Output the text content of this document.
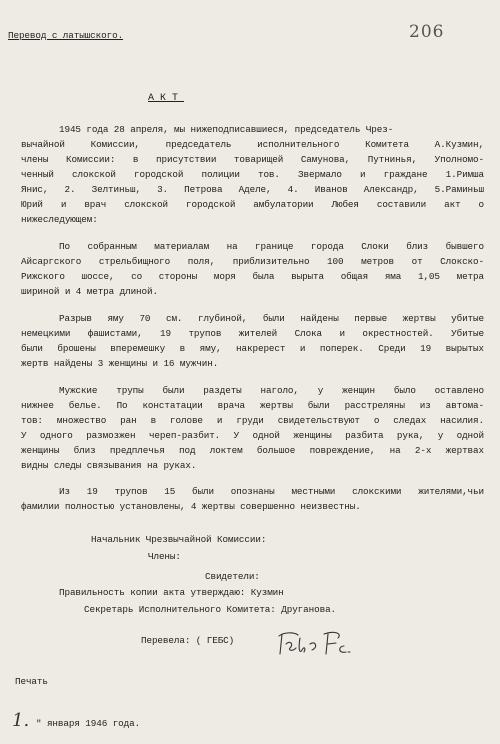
Перевод с латышского.	206
АКТ
1945 года 28 апреля, мы нижеподписавшиеся, председатель Чрез-
вычайной Комиссии, председатель исполнительного Комитета А.Кузмин,
члены Комиссии: в присутствии товарищей Самунова, Путнинья, Уполномо-
ченный слокской городской полиции тов. Звермало и граждане 1.Римша
Янис, 2. Зелтиньш, 3. Петрова Аделе, 4. Иванов Александр, 5.Раминьш
Юрий и врач слокской городской амбулатории Любея составили акт о
нижеследующем:
По собранным материалам на границе города Слоки близ бывшего
Айсаргского стрельбищного поля, приблизительно 100 метров от Слокско-
Рижского шоссе, со стороны моря была вырыта общая яма 1,05 метра
шириной и 4 метра длиной.
Разрыв яму 70 см. глубиной, были найдены первые жертвы убитые
немецкими фашистами, 19 трупов жителей Слока и окрестностей. Убитые
были брошены вперемешку в яму, накререст и поперек. Среди 19 вырытых
жертв найдены 3 женщины и 16 мужчин.
Мужские трупы были раздеты наголо, у женщин было оставлено
нижнее белье. По констатации врача жертвы были расстреляны из автома-
тов: множество ран в голове и груди свидетельствуют о следах насилия.
У одного размозжен череп-разбит. У одной женщины разбита рука, у одной
женщины близ предплечья под локтем большое повреждение, на 2-х жертвах
видны следы связывания на руках.
Из 19 трупов 15 были опознаны местными слокскими жителями,чьи
фамилии полностью установлены, 4 жертвы совершенно неизвестны.
Начальник Чрезвычайной Комиссии:
Члены:
Свидетели:
Правильность копии акта утверждаю: Кузмин
Секретарь Исполнительного Комитета: Друганова.
Перевела: ( ГЕБС)
Печать
1. " января 1946 года.
